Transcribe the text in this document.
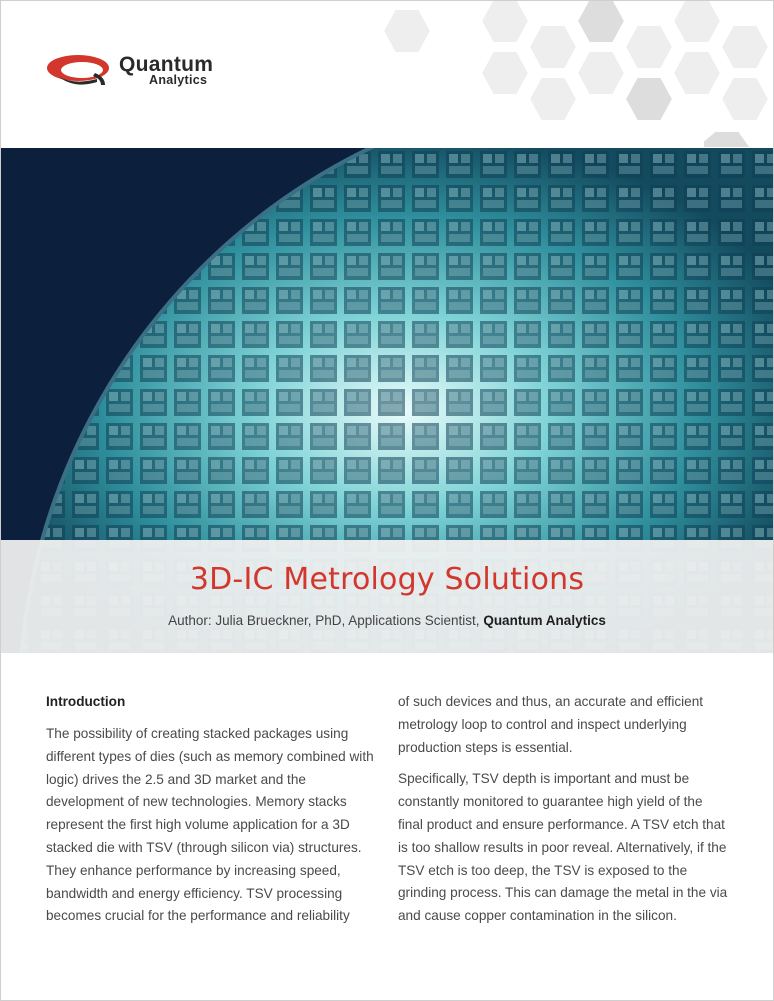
Quantum
Analytics
3D-IC Metrology Solutions
Author: Julia Brueckner, PhD, Applications Scientist, Quantum Analytics
Introduction

The possibility of creating stacked packages using different types of dies (such as memory combined with logic) drives the 2.5 and 3D market and the development of new technologies. Memory stacks represent the first high volume application for a 3D stacked die with TSV (through silicon via) structures. They enhance performance by increasing speed, bandwidth and energy efficiency. TSV processing becomes crucial for the performance and reliability

of such devices and thus, an accurate and efficient metrology loop to control and inspect underlying production steps is essential.

Specifically, TSV depth is important and must be constantly monitored to guarantee high yield of the final product and ensure performance. A TSV etch that is too shallow results in poor reveal. Alternatively, if the TSV etch is too deep, the TSV is exposed to the grinding process. This can damage the metal in the via and cause copper contamination in the silicon.
